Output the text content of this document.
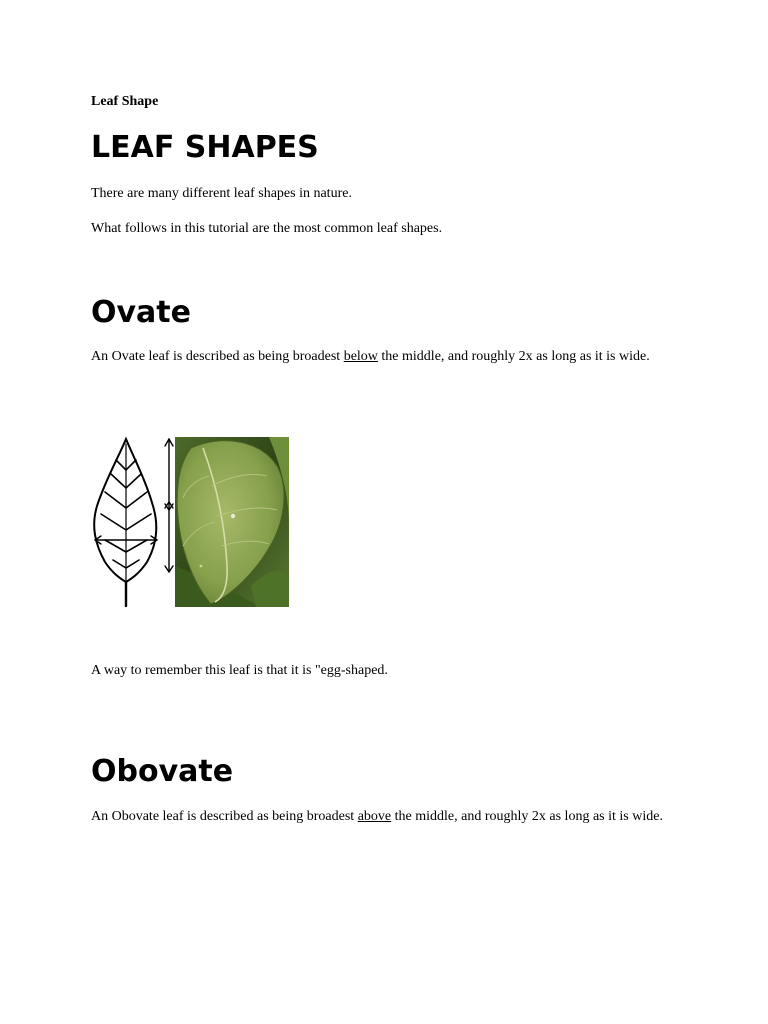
Leaf Shape
LEAF SHAPES
There are many different leaf shapes in nature.
What follows in this tutorial are the most common leaf shapes.
Ovate
An Ovate leaf is described as being broadest below the middle, and roughly 2x as long as it is wide.
A way to remember this leaf is that it is "egg-shaped.
Obovate
An Obovate leaf is described as being broadest above the middle, and roughly 2x as long as it is wide.
